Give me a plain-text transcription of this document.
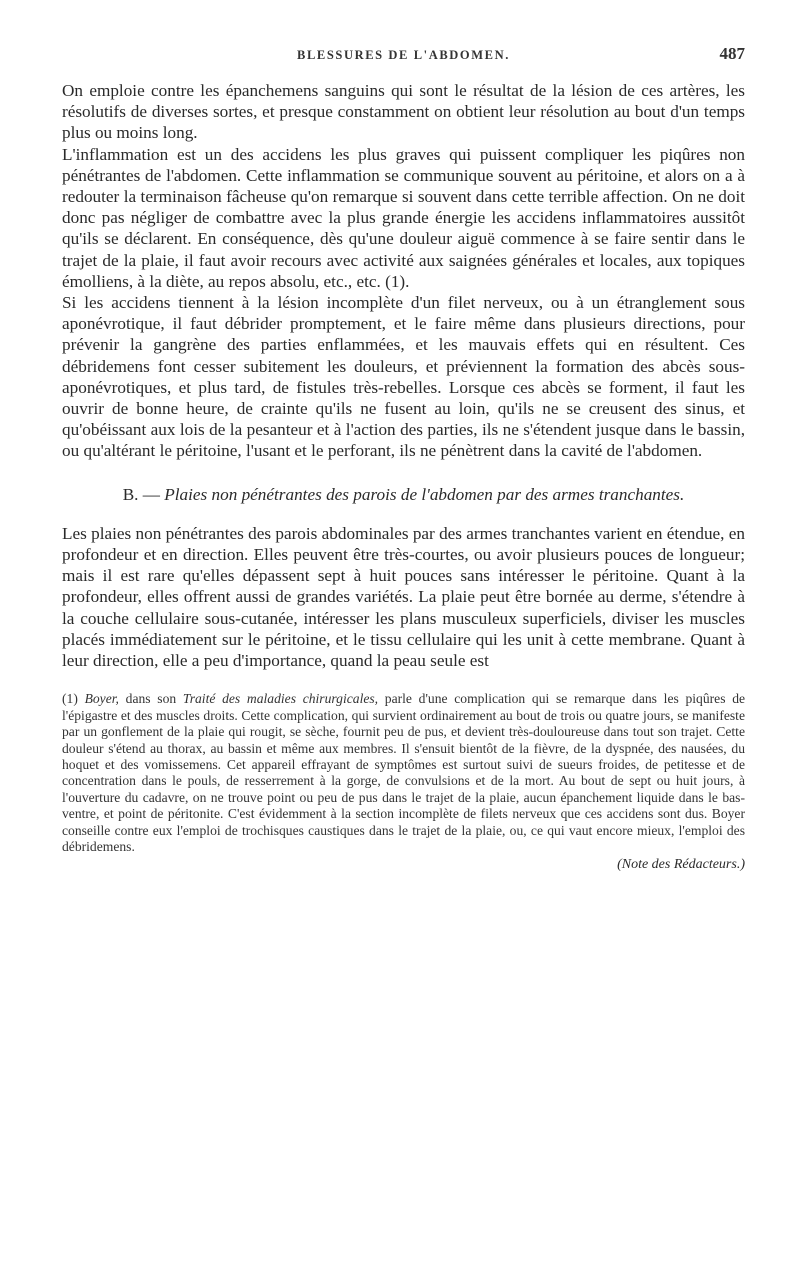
BLESSURES DE L'ABDOMEN.	487

On emploie contre les épanchemens sanguins qui sont le résultat de la lésion de ces artères, les résolutifs de diverses sortes, et presque constamment on obtient leur résolution au bout d'un temps plus ou moins long.

L'inflammation est un des accidens les plus graves qui puissent compliquer les piqûres non pénétrantes de l'abdomen. Cette inflammation se communique souvent au péritoine, et alors on a à redouter la terminaison fâcheuse qu'on remarque si souvent dans cette terrible affection. On ne doit donc pas négliger de combattre avec la plus grande énergie les accidens inflammatoires aussitôt qu'ils se déclarent. En conséquence, dès qu'une douleur aiguë commence à se faire sentir dans le trajet de la plaie, il faut avoir recours avec activité aux saignées générales et locales, aux topiques émolliens, à la diète, au repos absolu, etc., etc. (1).

Si les accidens tiennent à la lésion incomplète d'un filet nerveux, ou à un étranglement sous aponévrotique, il faut débrider promptement, et le faire même dans plusieurs directions, pour prévenir la gangrène des parties enflammées, et les mauvais effets qui en résultent. Ces débridemens font cesser subitement les douleurs, et préviennent la formation des abcès sous-aponévrotiques, et plus tard, de fistules très-rebelles. Lorsque ces abcès se forment, il faut les ouvrir de bonne heure, de crainte qu'ils ne fusent au loin, qu'ils ne se creusent des sinus, et qu'obéissant aux lois de la pesanteur et à l'action des parties, ils ne s'étendent jusque dans le bassin, ou qu'altérant le péritoine, l'usant et le perforant, ils ne pénètrent dans la cavité de l'abdomen.

B. — Plaies non pénétrantes des parois de l'abdomen par des armes tranchantes.

Les plaies non pénétrantes des parois abdominales par des armes tranchantes varient en étendue, en profondeur et en direction. Elles peuvent être très-courtes, ou avoir plusieurs pouces de longueur; mais il est rare qu'elles dépassent sept à huit pouces sans intéresser le péritoine. Quant à la profondeur, elles offrent aussi de grandes variétés. La plaie peut être bornée au derme, s'étendre à la couche cellulaire sous-cutanée, intéresser les plans musculeux superficiels, diviser les muscles placés immédiatement sur le péritoine, et le tissu cellulaire qui les unit à cette membrane. Quant à leur direction, elle a peu d'importance, quand la peau seule est

(1) Boyer, dans son Traité des maladies chirurgicales, parle d'une complication qui se remarque dans les piqûres de l'épigastre et des muscles droits. Cette complication, qui survient ordinairement au bout de trois ou quatre jours, se manifeste par un gonflement de la plaie qui rougit, se sèche, fournit peu de pus, et devient très-douloureuse dans tout son trajet. Cette douleur s'étend au thorax, au bassin et même aux membres. Il s'ensuit bientôt de la fièvre, de la dyspnée, des nausées, du hoquet et des vomissemens. Cet appareil effrayant de symptômes est surtout suivi de sueurs froides, de petitesse et de concentration dans le pouls, de resserrement à la gorge, de convulsions et de la mort. Au bout de sept ou huit jours, à l'ouverture du cadavre, on ne trouve point ou peu de pus dans le trajet de la plaie, aucun épanchement liquide dans le bas-ventre, et point de péritonite. C'est évidemment à la section incomplète de filets nerveux que ces accidens sont dus. Boyer conseille contre eux l'emploi de trochisques caustiques dans le trajet de la plaie, ou, ce qui vaut encore mieux, l'emploi des débridemens.
(Note des Rédacteurs.)
